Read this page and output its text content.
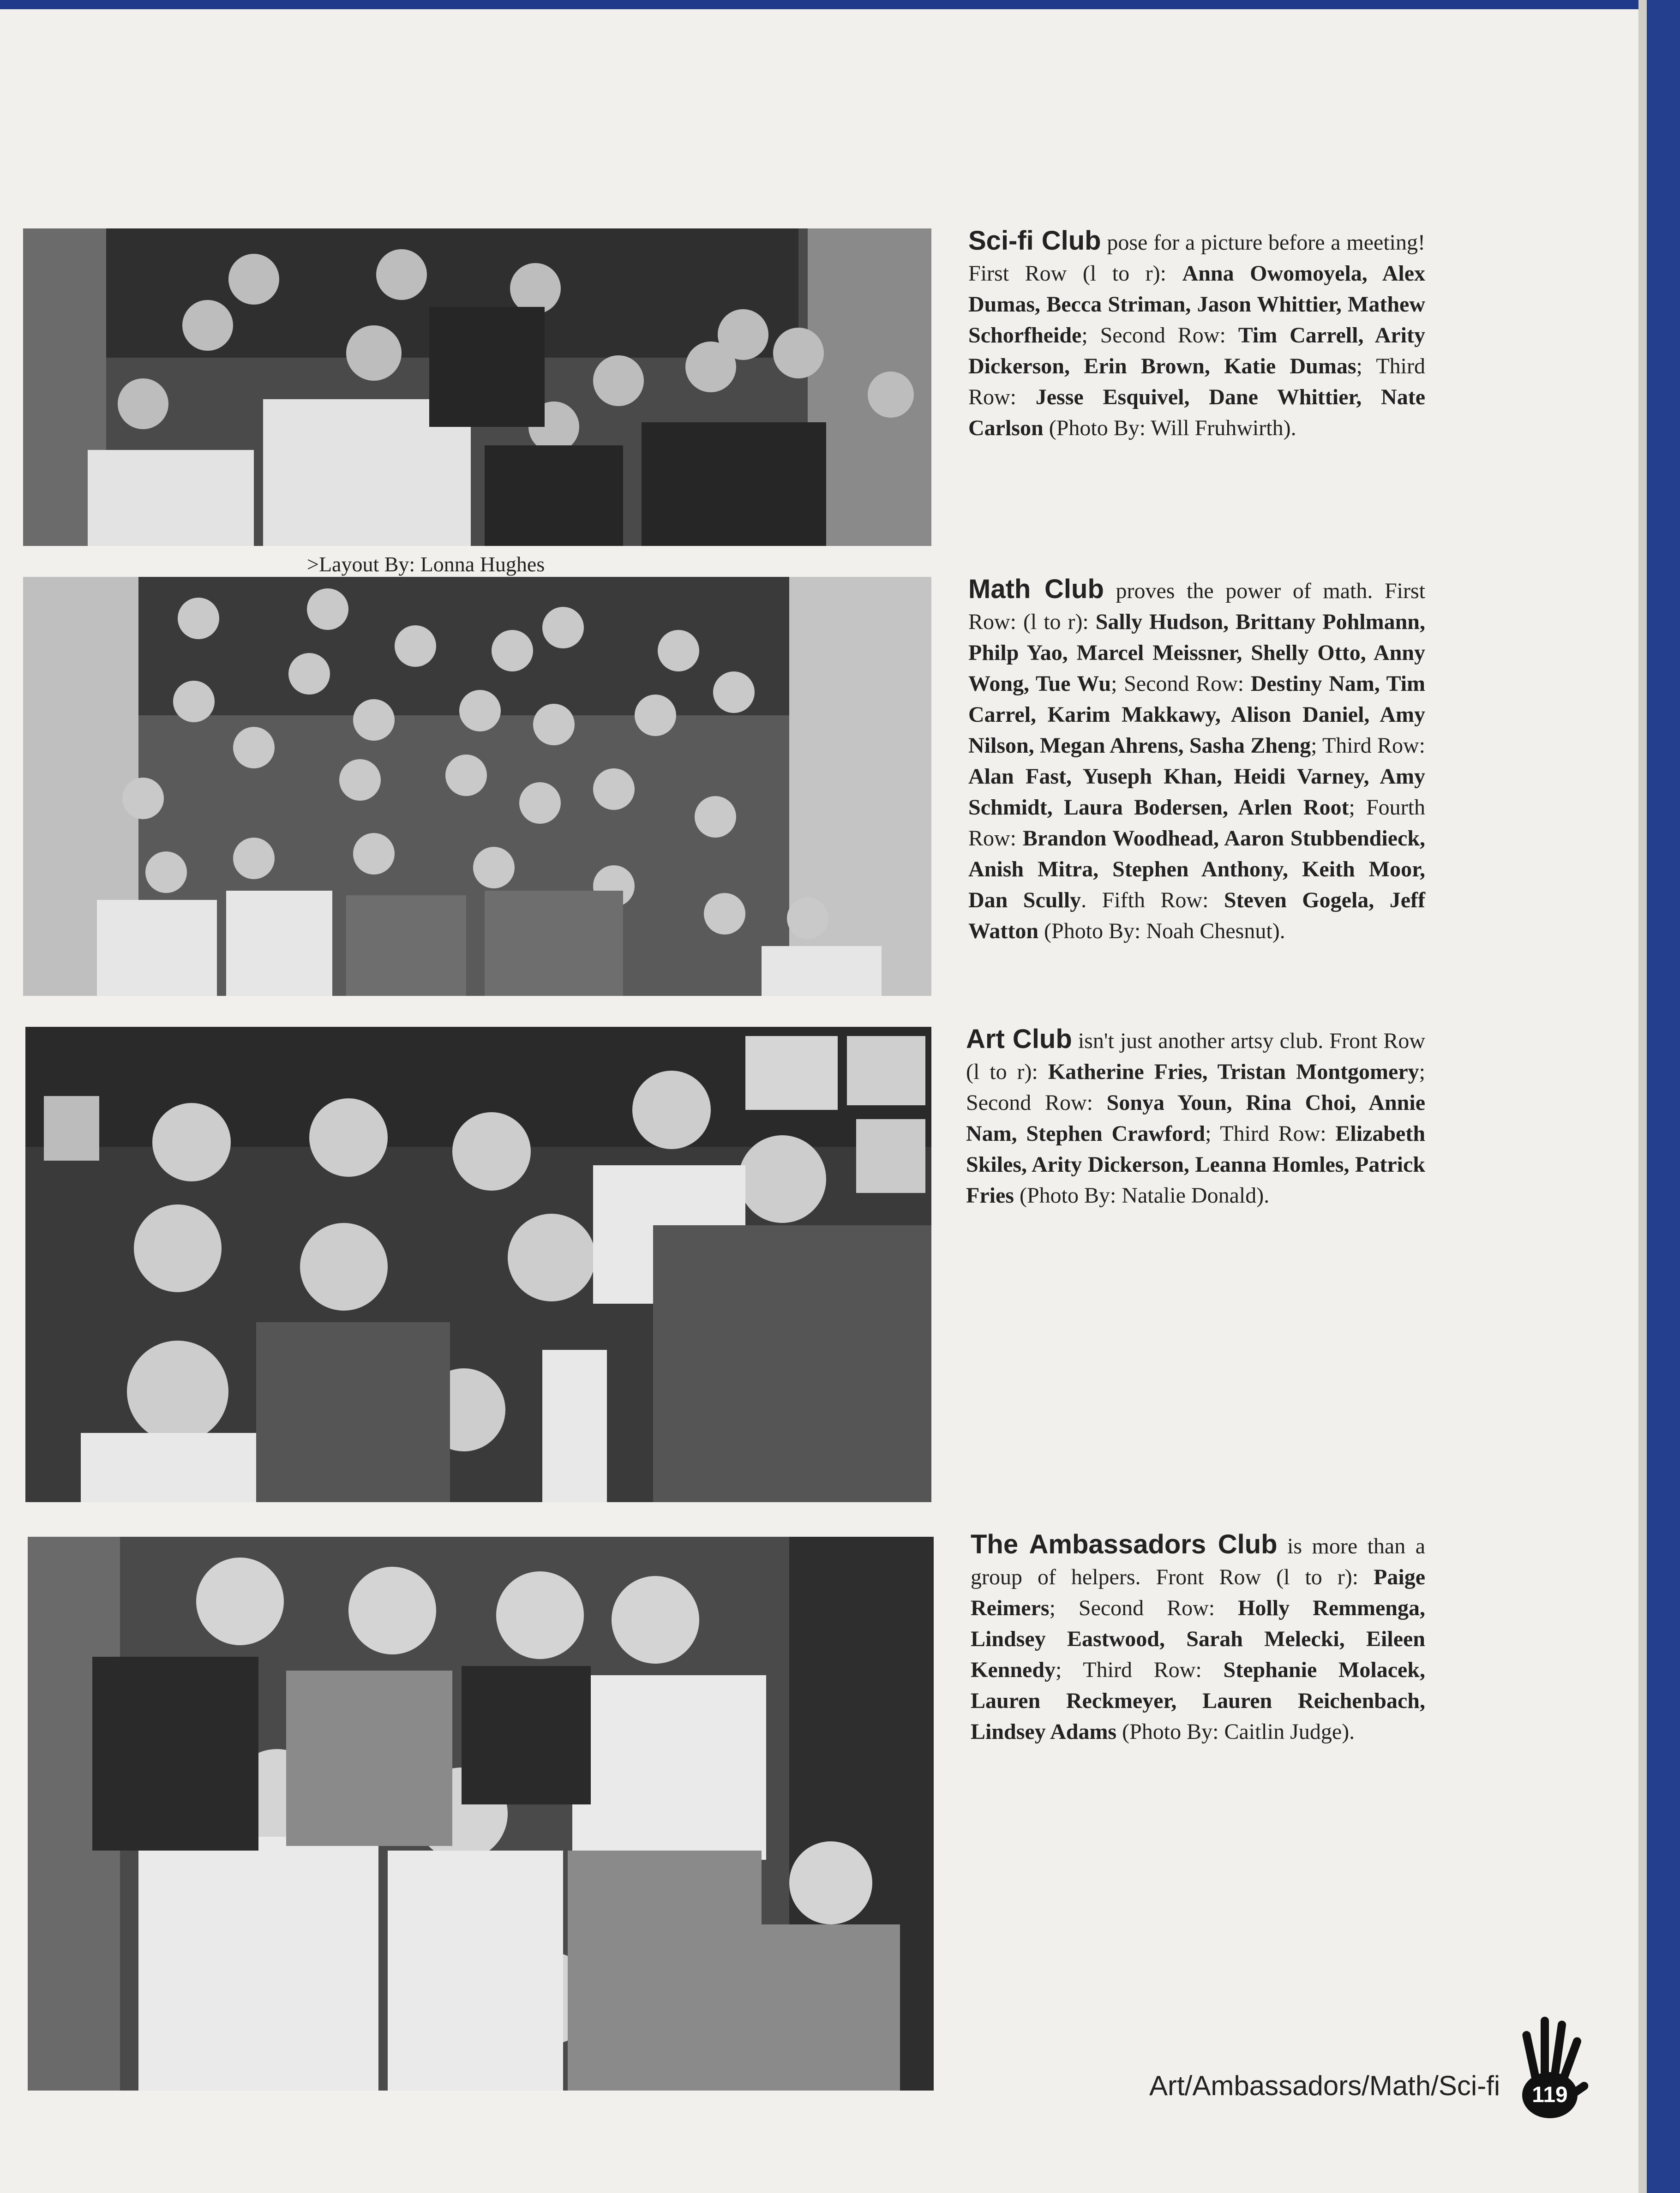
Sci-fi Club pose for a picture before a meeting! First Row (l to r): Anna Owomoyela, Alex Dumas, Becca Striman, Jason Whittier, Mathew Schorfheide; Second Row: Tim Carrell, Arity Dickerson, Erin Brown, Katie Dumas; Third Row: Jesse Esquivel, Dane Whittier, Nate Carlson (Photo By: Will Fruhwirth).
>Layout By: Lonna Hughes
Math Club proves the power of math. First Row: (l to r): Sally Hudson, Brittany Pohlmann, Philp Yao, Marcel Meissner, Shelly Otto, Anny Wong, Tue Wu; Second Row: Destiny Nam, Tim Carrel, Karim Makkawy, Alison Daniel, Amy Nilson, Megan Ahrens, Sasha Zheng; Third Row: Alan Fast, Yuseph Khan, Heidi Varney, Amy Schmidt, Laura Bodersen, Arlen Root; Fourth Row: Brandon Woodhead, Aaron Stubbendieck, Anish Mitra, Stephen Anthony, Keith Moor, Dan Scully. Fifth Row: Steven Gogela, Jeff Watton (Photo By: Noah Chesnut).
Art Club isn't just another artsy club. Front Row (l to r): Katherine Fries, Tristan Montgomery; Second Row: Sonya Youn, Rina Choi, Annie Nam, Stephen Crawford; Third Row: Elizabeth Skiles, Arity Dickerson, Leanna Homles, Patrick Fries (Photo By: Natalie Donald).
The Ambassadors Club is more than a group of helpers. Front Row (l to r): Paige Reimers; Second Row: Holly Remmenga, Lindsey Eastwood, Sarah Melecki, Eileen Kennedy; Third Row: Stephanie Molacek, Lauren Reckmeyer, Lauren Reichenbach, Lindsey Adams (Photo By: Caitlin Judge).
Art/Ambassadors/Math/Sci-fi	119
